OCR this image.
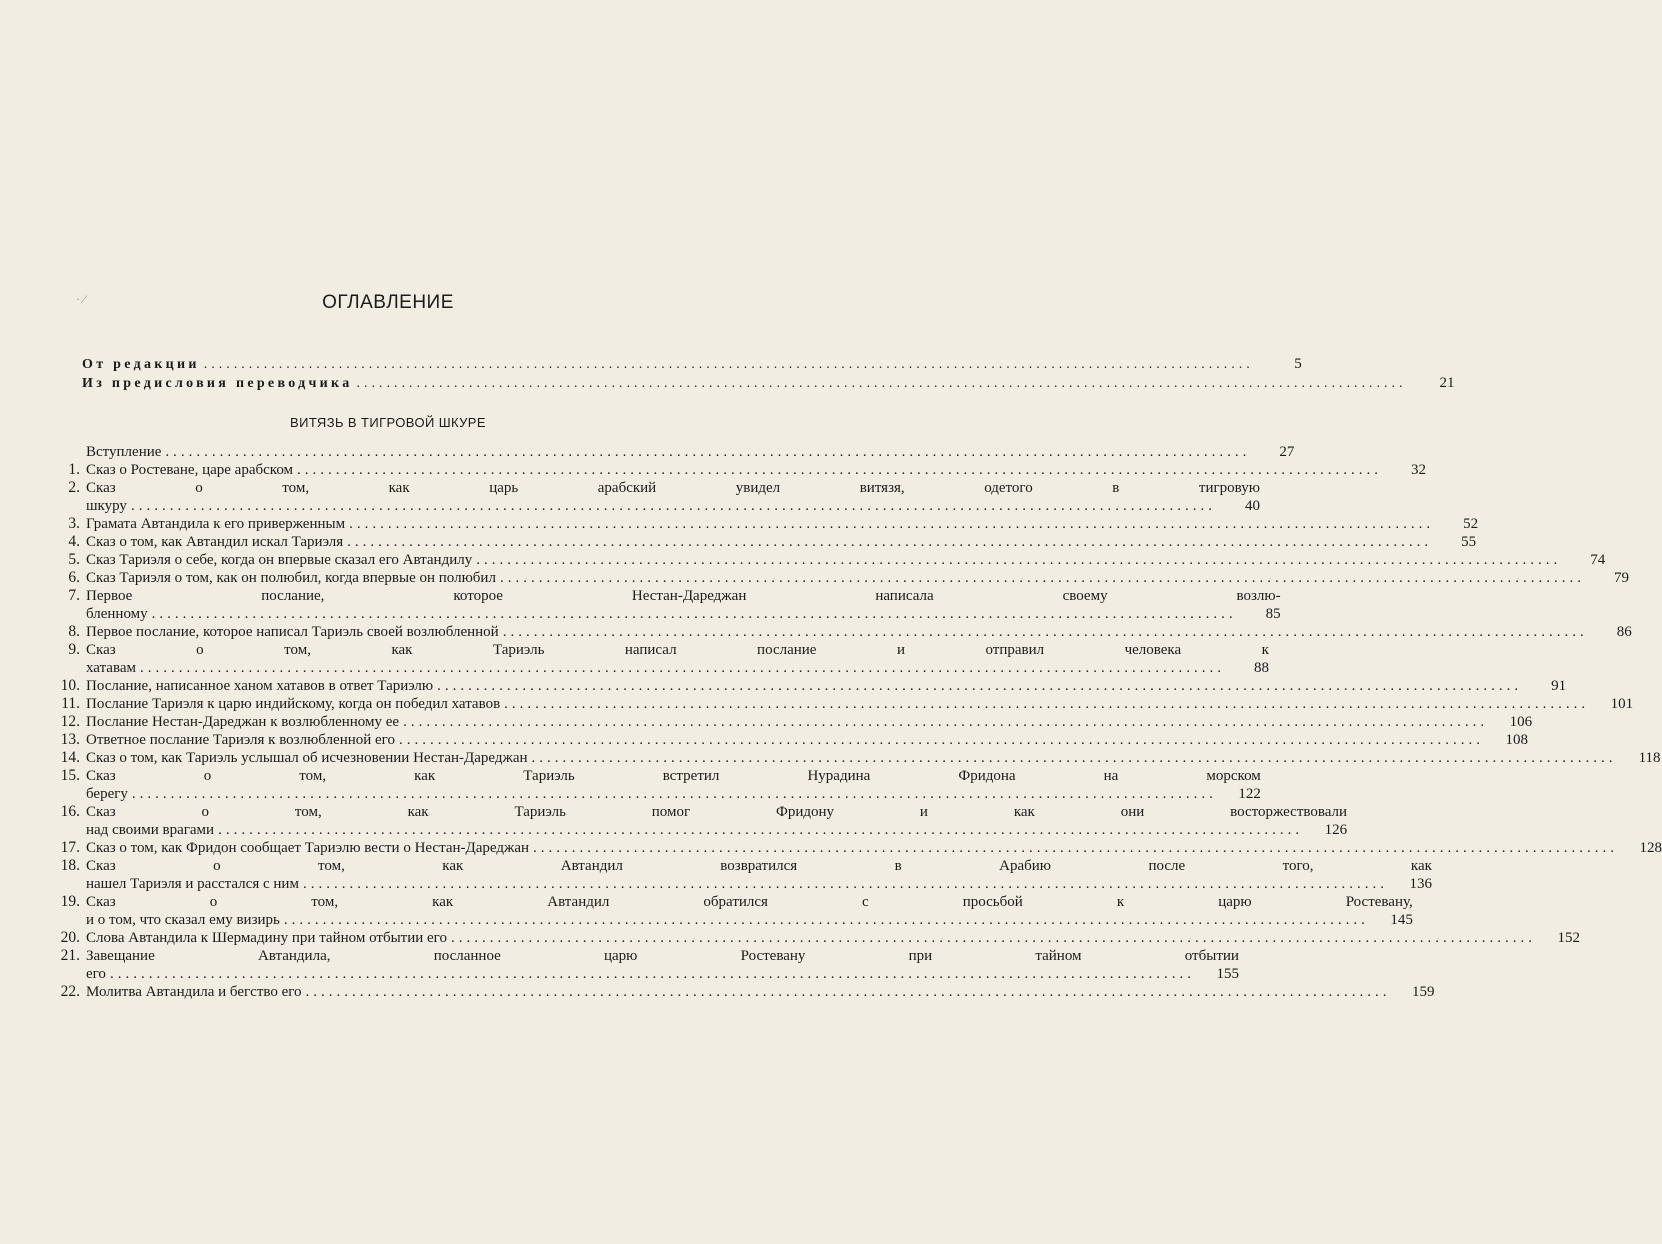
· ⁄	ОГЛАВЛЕНИЕ
От редакции .....	5
Из предисловия переводчика .....	21
ВИТЯЗЬ В ТИГРОВОЙ ШКУРЕ
Вступление .....	27
1. Сказ о Ростеване, царе арабском .....	32
2. Сказ	о	том,	как	царь	арабский	увидел	витязя,	одетого	в	тигровую
шкуру .....	40
3. Грамата Автандила к его приверженным .....	52
4. Сказ о том, как Автандил искал Тариэля .....	55
5. Сказ Тариэля о себе, когда он впервые сказал его Автандилу .....	74
6. Сказ Тариэля о том, как он полюбил, когда впервые он полюбил .....	79
7. Первое	послание,	которое	Нестан-Дареджан	написала	своему	возлю-
бленному .....	85
8. Первое послание, которое написал Тариэль своей возлюбленной .....	86
9. Сказ	о	том,	как	Тариэль	написал	послание	и	отправил	человека	к
хатавам .....	88
10. Послание, написанное ханом хатавов в ответ Тариэлю .....	91
11. Послание Тариэля к царю индийскому, когда он победил хатавов .....	101
12. Послание Нестан-Дареджан к возлюбленному ее .....	106
13. Ответное послание Тариэля к возлюбленной его .....	108
14. Сказ о том, как Тариэль услышал об исчезновении Нестан-Дареджан .....	118
15. Сказ	о	том,	как	Тариэль	встретил	Нурадина	Фридона	на	морском
берегу .....	122
16. Сказ	о	том,	как	Тариэль	помог	Фридону	и	как	они	восторжествовали
над своими врагами .....	126
17. Сказ о том, как Фридон сообщает Тариэлю вести о Нестан-Дареджан .....	128
18. Сказ	о	том,	как	Автандил	возвратился	в	Арабию	после	того,	как
нашел Тариэля и расстался с ним .....	136
19. Сказ	о	том,	как	Автандил	обратился	с	просьбой	к	царю	Ростевану,
и о том, что сказал ему визирь .....	145
20. Слова Автандила к Шермадину при тайном отбытии его .....	152
21. Завещание	Автандила,	посланное	царю	Ростевану	при	тайном	отбытии
его .....	155
22. Молитва Автандила и бегство его .....	159
